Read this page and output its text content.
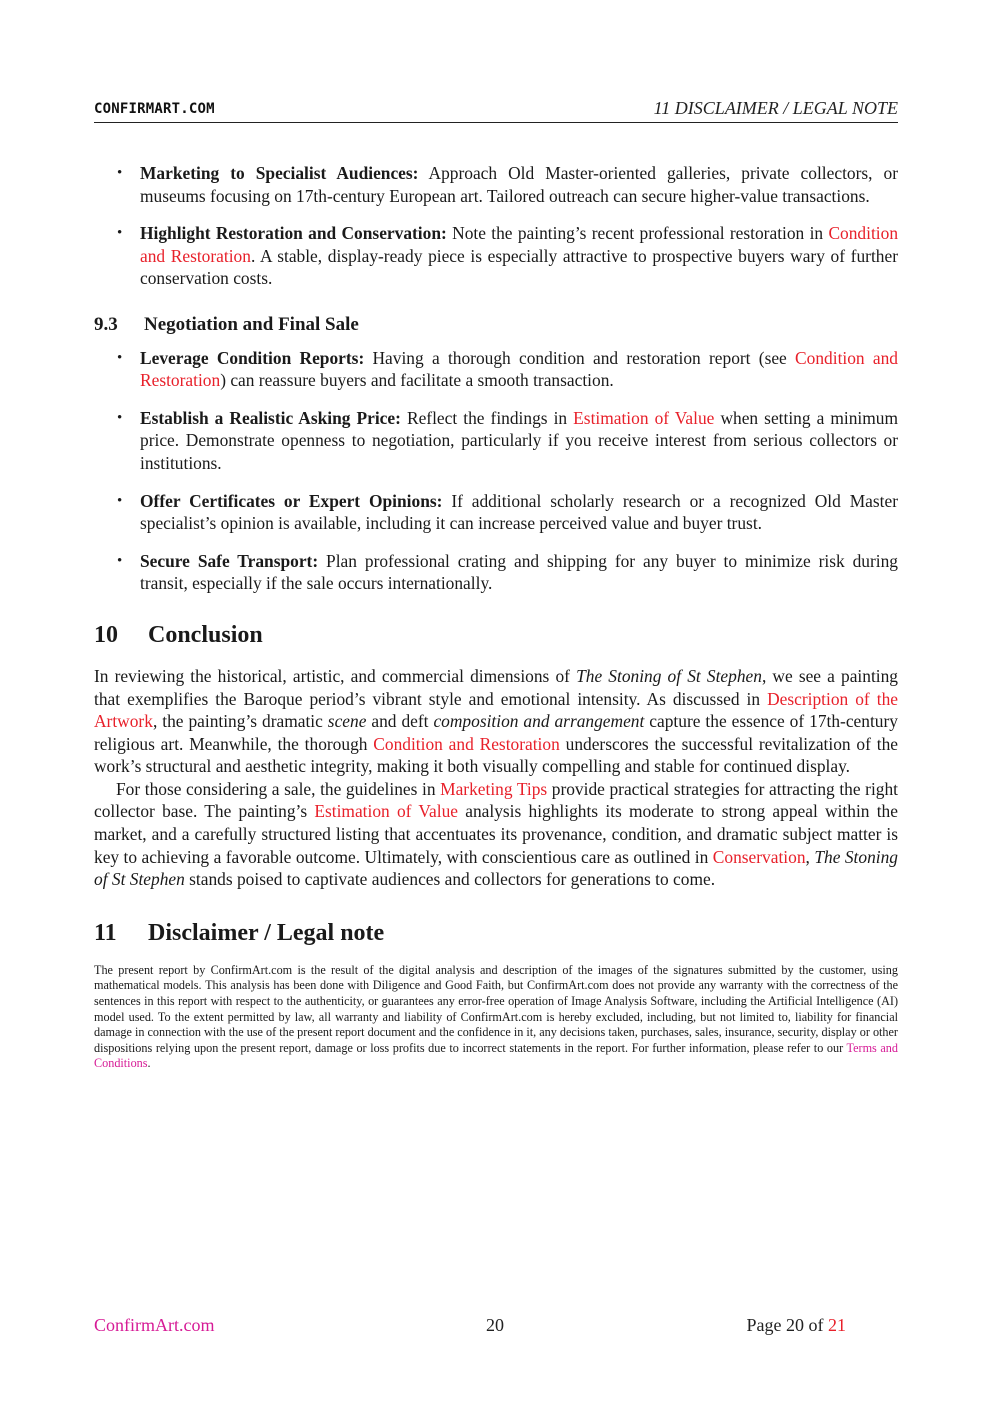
CONFIRMART.COM	11 DISCLAIMER / LEGAL NOTE
• Marketing to Specialist Audiences: Approach Old Master-oriented galleries, private collectors, or museums focusing on 17th-century European art. Tailored outreach can secure higher-value transactions.
• Highlight Restoration and Conservation: Note the painting’s recent professional restoration in Condition and Restoration. A stable, display-ready piece is especially attractive to prospective buyers wary of further conservation costs.
9.3 Negotiation and Final Sale
• Leverage Condition Reports: Having a thorough condition and restoration report (see Condition and Restoration) can reassure buyers and facilitate a smooth transaction.
• Establish a Realistic Asking Price: Reflect the findings in Estimation of Value when setting a minimum price. Demonstrate openness to negotiation, particularly if you receive interest from serious collectors or institutions.
• Offer Certificates or Expert Opinions: If additional scholarly research or a recognized Old Master specialist’s opinion is available, including it can increase perceived value and buyer trust.
• Secure Safe Transport: Plan professional crating and shipping for any buyer to minimize risk during transit, especially if the sale occurs internationally.
10 Conclusion

In reviewing the historical, artistic, and commercial dimensions of The Stoning of St Stephen, we see a painting that exemplifies the Baroque period’s vibrant style and emotional intensity. As discussed in Description of the Artwork, the painting’s dramatic scene and deft composition and arrangement capture the essence of 17th-century religious art. Meanwhile, the thorough Condition and Restoration underscores the successful revitalization of the work’s structural and aesthetic integrity, making it both visually compelling and stable for continued display.

For those considering a sale, the guidelines in Marketing Tips provide practical strategies for attracting the right collector base. The painting’s Estimation of Value analysis highlights its moderate to strong appeal within the market, and a carefully structured listing that accentuates its provenance, condition, and dramatic subject matter is key to achieving a favorable outcome. Ultimately, with conscientious care as outlined in Conservation, The Stoning of St Stephen stands poised to captivate audiences and collectors for generations to come.

11 Disclaimer / Legal note

The present report by ConfirmArt.com is the result of the digital analysis and description of the images of the signatures submitted by the customer, using mathematical models. This analysis has been done with Diligence and Good Faith, but ConfirmArt.com does not provide any warranty with the correctness of the sentences in this report with respect to the authenticity, or guarantees any error-free operation of Image Analysis Software, including the Artificial Intelligence (AI) model used. To the extent permitted by law, all warranty and liability of ConfirmArt.com is hereby excluded, including, but not limited to, liability for financial damage in connection with the use of the present report document and the confidence in it, any decisions taken, purchases, sales, insurance, security, display or other dispositions relying upon the present report, damage or loss profits due to incorrect statements in the report. For further information, please refer to our Terms and Conditions.

ConfirmArt.com	20	Page 20 of 21
